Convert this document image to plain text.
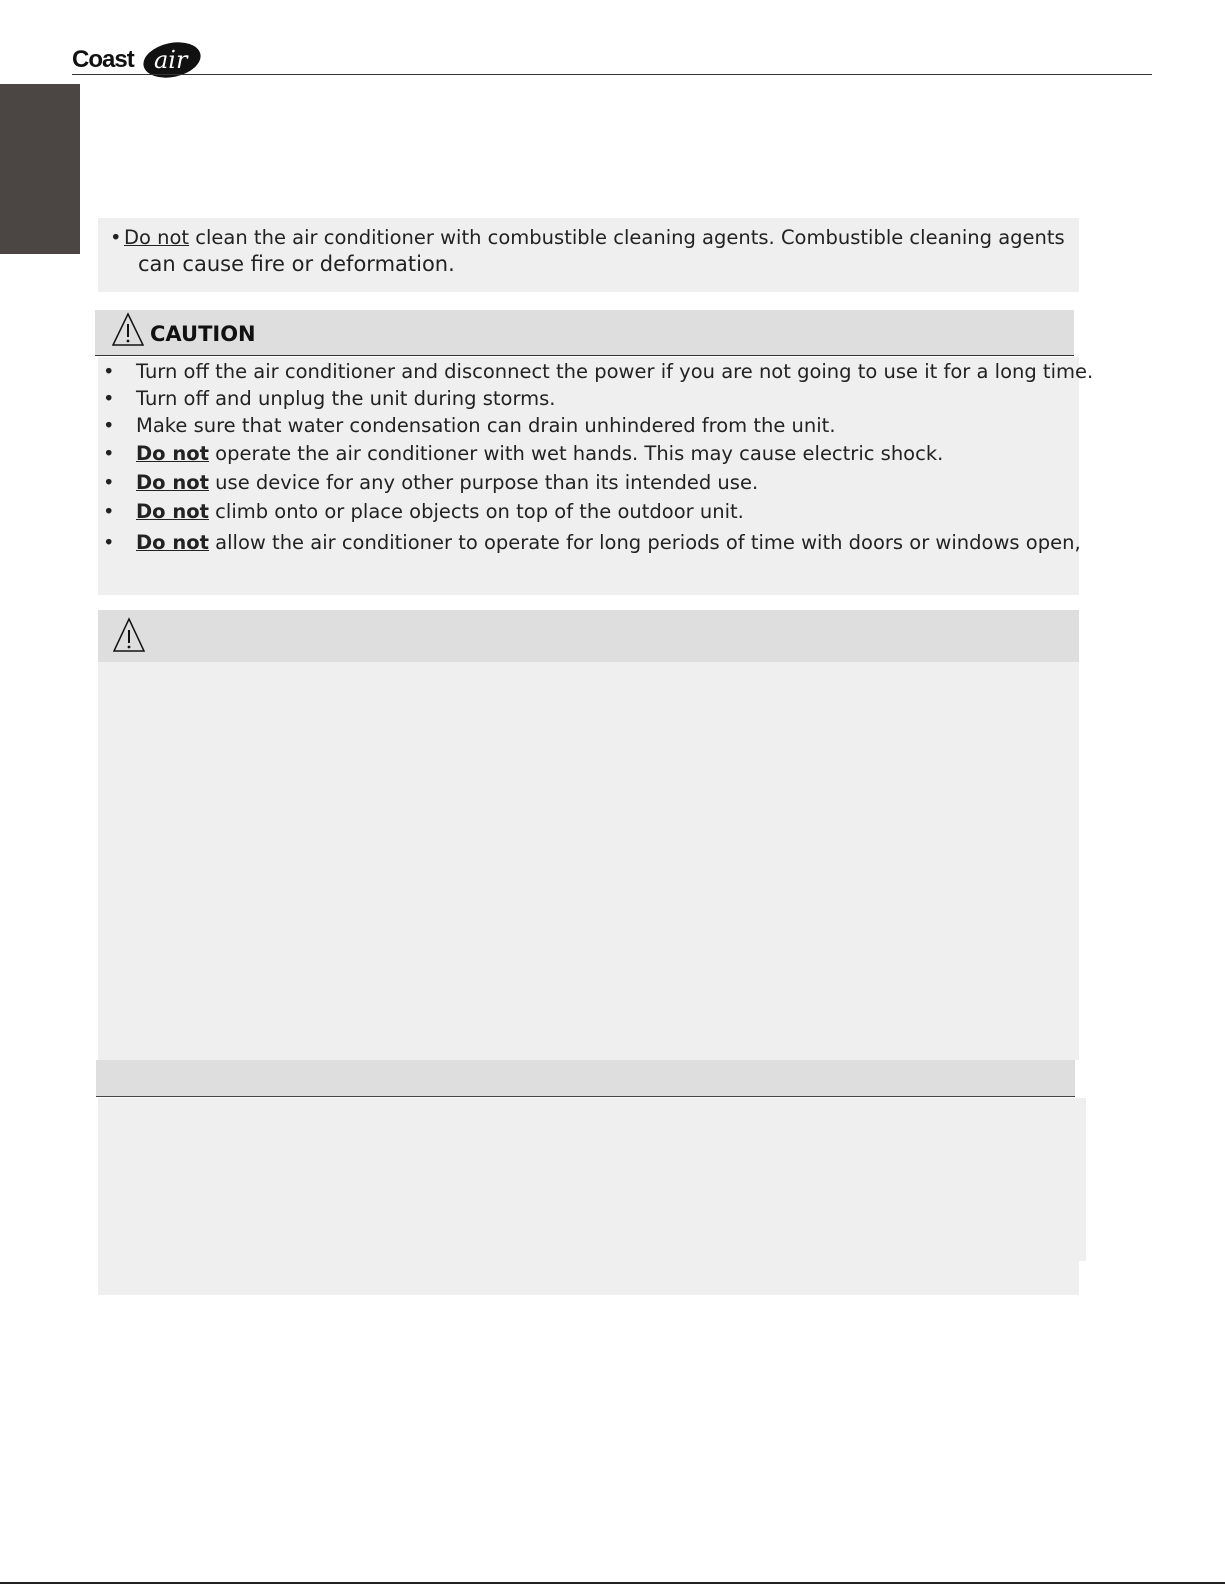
Coast air
• Do not clean the air conditioner with combustible cleaning agents. Combustible cleaning agents
can cause fire or deformation.
CAUTION
• Turn off the air conditioner and disconnect the power if you are not going to use it for a long time.
• Turn off and unplug the unit during storms.
• Make sure that water condensation can drain unhindered from the unit.
• Do not operate the air conditioner with wet hands. This may cause electric shock.
• Do not use device for any other purpose than its intended use.
• Do not climb onto or place objects on top of the outdoor unit.
• Do not allow the air conditioner to operate for long periods of time with doors or windows open,
